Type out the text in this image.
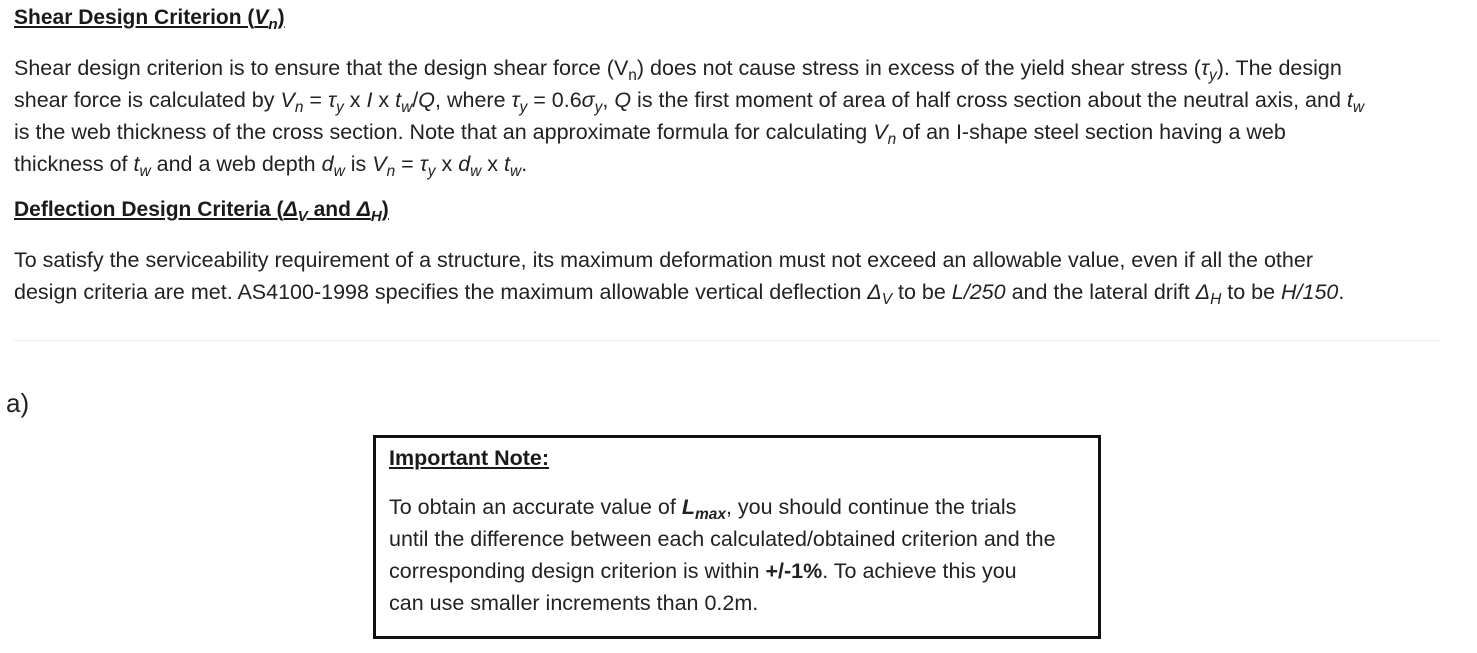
Shear Design Criterion $(V_n)$
Shear design criterion is to ensure that the design shear force $(V_n)$ does not cause stress in excess of the yield shear stress $(\tau_y)$. The design
shear force is calculated by $V_n = \tau_y$ x I x $t_w/Q$, where $\tau_y = 0.6\sigma_y$, Q is the first moment of area of half cross section about the neutral axis, and $t_w$
is the web thickness of the cross section. Note that an approximate formula for calculating $V_n$ of an I-shape steel section having a web
thickness of $t_w$ and a web depth $d_w$ is $V_n = \tau_y$ x $d_w$ x $t_w$.
Deflection Design Criteria ($\Delta_V$ and $\Delta_H$)
To satisfy the serviceability requirement of a structure, its maximum deformation must not exceed an allowable value, even if all the other
design criteria are met. AS4100-1998 specifies the maximum allowable vertical deflection $\Delta_V$ to be L/250 and the lateral drift $\Delta_H$ to be H/150.
a)
Important Note:
To obtain an accurate value of $L_{max}$, you should continue the trials
until the difference between each calculated/obtained criterion and the
corresponding design criterion is within +/-1%. To achieve this you
can use smaller increments than 0.2m.
